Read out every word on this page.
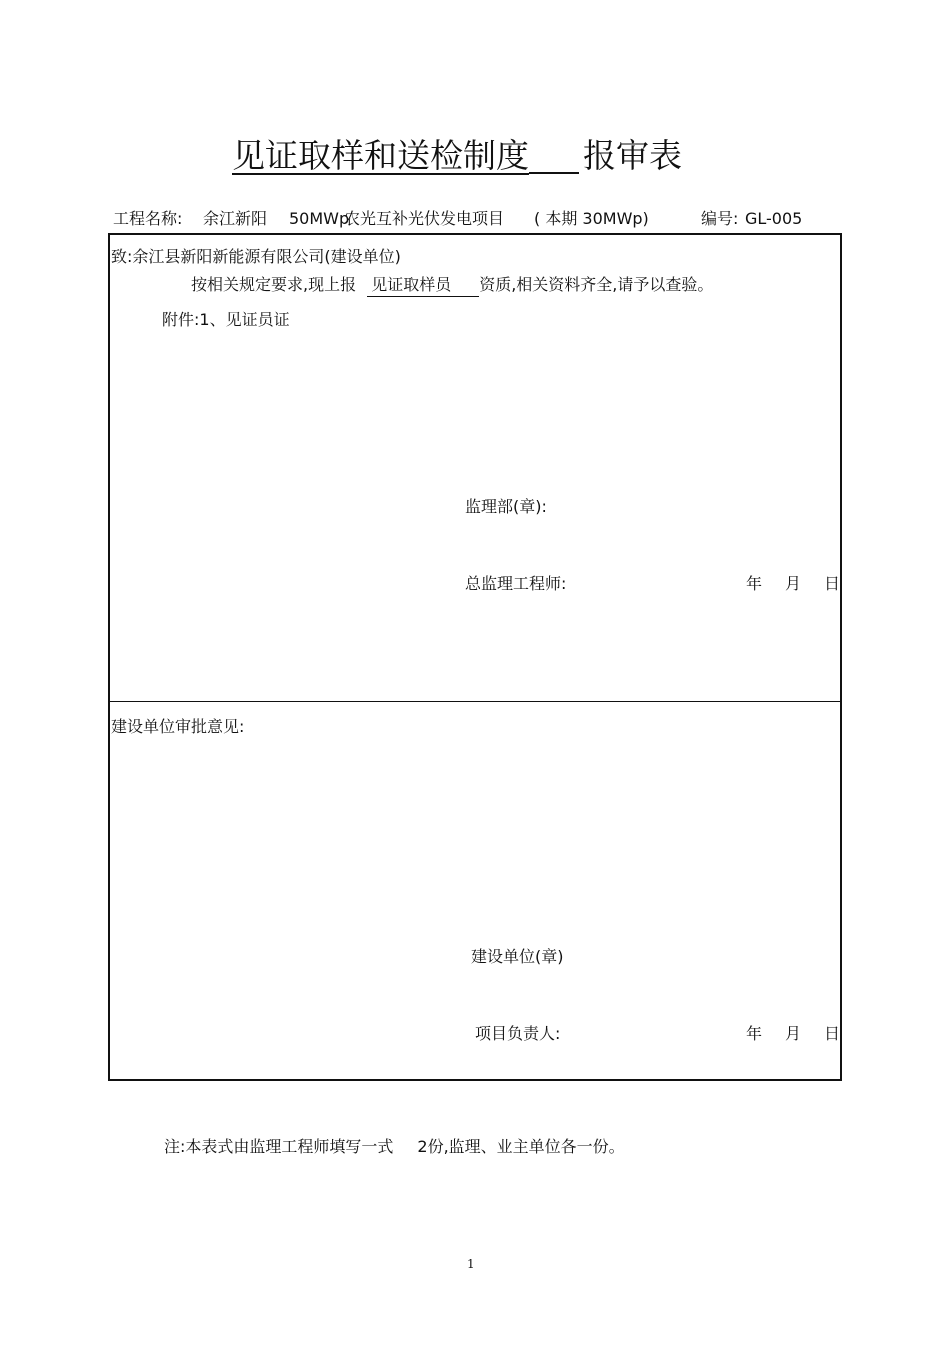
见证取样和送检制度 报审表
工程名称: 余江新阳 50MWp
农光互补光伏发电项目 ( 本期 30MWp)	编号: GL-005
致:余江县新阳新能源有限公司(建设单位)
按相关规定要求,现上报 见证取样员 资质,相关资料齐全,请予以查验。
附件:1、见证员证
监理部(章):
总监理工程师:	年 月 日
建设单位审批意见:
建设单位(章)
项目负责人:	年 月 日
注:本表式由监理工程师填写一式 2份,监理、业主单位各一份。
1
